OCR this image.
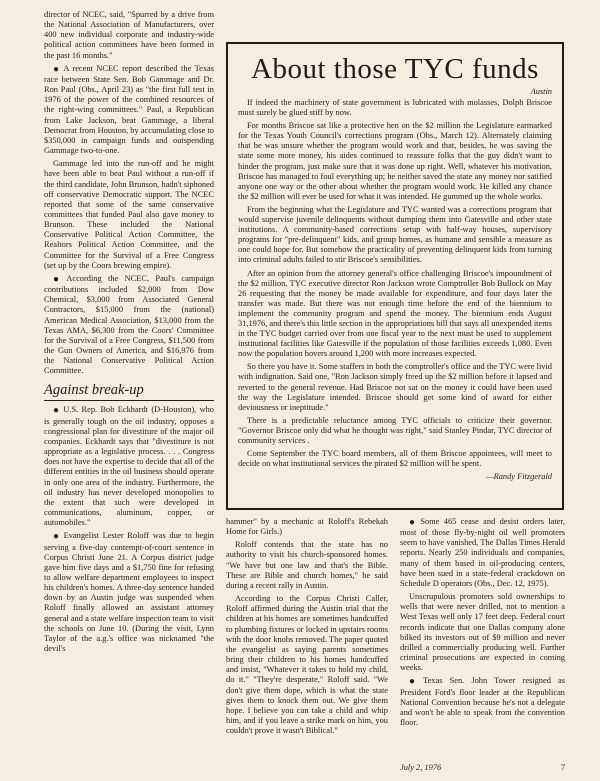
director of NCEC, said, "Spurred by a drive from the National Association of Manufacturers, over 400 new individual corporate and industry-wide political action committees have been formed in the past 16 months."

● A recent NCEC report described the Texas race between State Sen. Bob Gammage and Dr. Ron Paul (Obs., April 23) as "the first full test in 1976 of the power of the combined resources of the right-wing committees." Paul, a Republican from Lake Jackson, beat Gammage, a liberal Democrat from Houston, by accumulating close to $350,000 in campaign funds and outspending Gammage two-to-one.

Gammage led into the run-off and he might have been able to beat Paul without a run-off if the third candidate, John Brunson, hadn't siphoned off conservative Democratic support. The NCEC reported that some of the same conservative committees that funded Paul also gave money to Brunson. These included the National Conservative Political Action Committee, the Realtors Political Action Committee, and the Committee for the Survival of a Free Congress (set up by the Coors brewing empire).

● According the NCEC, Paul's campaign contributions included $2,000 from Dow Chemical, $3,000 from Associated General Contractors, $15,000 from the (national) American Medical Association, $13,000 from the Texas AMA, $6,300 from the Coors' Committee for the Survival of a Free Congress, $11,500 from the Gun Owners of America, and $16,976 from the National Conservative Political Action Committee.

Against break-up

● U.S. Rep. Bob Eckhardt (D-Houston), who is generally tough on the oil industry, opposes a congressional plan for divestiture of the major oil companies. Eckhardt says that "divestiture is not appropriate as a legislative process. . . . Congress does not have the expertise to decide that all of the different entities in the oil business should operate in only one area of the industry. Furthermore, the oil industry has never developed monopolies to the extent that such were developed in communications, aluminum, copper, or automobiles."

● Evangelist Lester Roloff was due to begin serving a five-day contempt-of-court sentence in Corpus Christi June 21. A Corpus district judge gave him five days and a $1,750 fine for refusing to allow welfare department employees to inspect his children's homes. A three-day sentence handed down by an Austin judge was suspended when Roloff finally allowed an assistant attorney general and a state welfare inspection team to visit the schools on June 10. (During the visit, Lynn Taylor of the a.g.'s office was nicknamed "the devil's

About those TYC funds
Austin

If indeed the machinery of state government is lubricated with molasses, Dolph Briscoe must surely be glued stiff by now.

For months Briscoe sat like a protective hen on the $2 million the Legislature earmarked for the Texas Youth Council's corrections program (Obs., March 12). Alternately claiming that he was unsure whether the program would work and that, besides, he was saving the state some more money, his aides continued to reassure folks that the guy didn't want to hinder the program, just make sure that it was done up right. Well, whatever his motivation, Briscoe has managed to foul everything up; he neither saved the state any money nor satified anyone one way or the other about whether the program would work. He killed any chance the $2 million will ever be used for what it was intended. He gummed up the whole works.

From the beginning what the Legislature and TYC wanted was a corrections program that would supervise juvenile delinquents without dumping them into Gatesville and other state institutions. A community-based corrections setup with half-way houses, supervisory programs for "pre-delinquent" kids, and group homes, as humane and sensible a measure as one could hope for. But somehow the practicality of preventing delinquent kids from turning into criminal adults failed to stir Briscoe's sensibilities.

After an opinion from the attorney general's office challenging Briscoe's impoundment of the $2 million, TYC executive director Ron Jackson wrote Comptroller Bob Bullock on May 26 requesting that the money be made available for expenditure, and four days later the transfer was made. But there was not enough time before the end of the biennium to implement the community program and spend the money. The biennium ends August 31,1976, and there's this little section in the appropriations bill that says all unexpended items in the TYC budget carried over from one fiscal year to the next must be used to supplement institutional facilities like Gatesville if the population of those facilities exceeds 1,080. Even now the population hovers around 1,200 with more increases expected.

So there you have it. Some staffers in both the comptroller's office and the TYC were livid with indignation. Said one, "Ron Jackson simply freed up the $2 million before it lapsed and reverted to the general revenue. Had Briscoe not sat on the money it could have been used the way the Legislature intended. Briscoe should get some kind of award for either deviousness or ineptitude."

There is a predictable reluctance among TYC officials to criticize their governor. "Governor Briscoe only did what he thought was right," said Stanley Pindar, TYC director of community services .

Come September the TYC board members, all of them Briscoe appointees, will meet to decide on what institutional services the pirated $2 million will be spent.

—Randy Fitzgerald

hammer" by a mechanic at Roloff's Rebekah Home for Girls.)

Roloff contends that the state has no authority to visit his church-sponsored homes. "We have but one law and that's the Bible. These are Bible and church homes," he said during a recent rally in Austin.

According to the Corpus Christi Caller, Roloff affirmed during the Austin trial that the children at his homes are sometimes handcuffed to plumbing fixtures or locked in upstairs rooms with the door knobs removed. The paper quoted the evangelist as saying parents sometimes bring their children to his homes handcuffed and insist, "Whatever it takes to hold my child, do it." "They're desperate," Roloff said. "We don't give them dope, which is what the state gives them to knock them out. We give them hope. I believe you can take a child and whip him, and if you leave a strike mark on him, you couldn't prove it wasn't Biblical."

● Some 465 cease and desist orders later, most of those fly-by-night oil well promoters seem to have vanished, The Dallas Times Herald reports. Nearly 250 individuals and companies, many of them based in oil-producing centers, have been sued in a state-federal crackdown on Schedule D operators (Obs., Dec. 12, 1975).

Unscrupulous promoters sold ownerships to wells that were never drilled, not to mention a West Texas well only 17 feet deep. Federal court records indicate that one Dallas company alone bilked its investors out of $9 million and never drilled a commercially producing well. Further criminal prosecutions are expected in coming weeks.

● Texas Sen. John Tower resigned as President Ford's floor leader at the Republican National Convention because he's not a delegate and won't be able to speak from the convention floor.

July 2, 1976	7
